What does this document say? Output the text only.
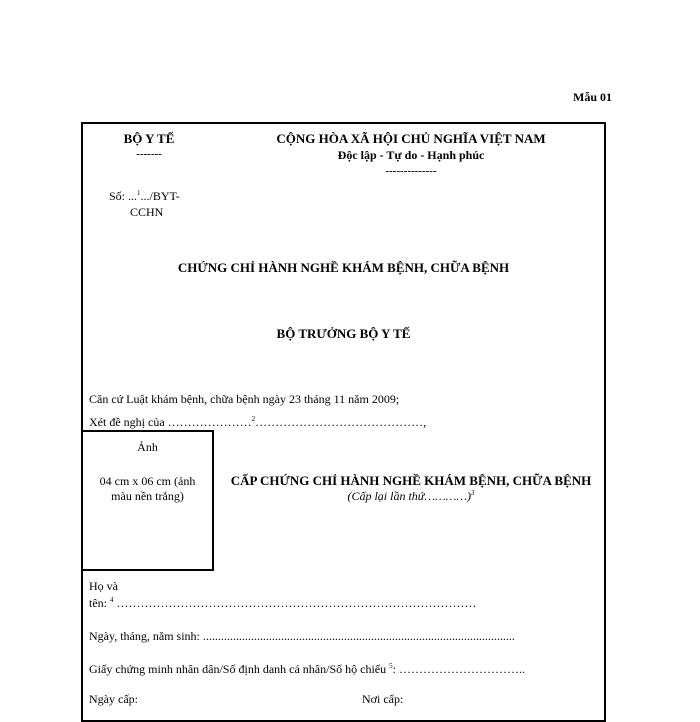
Mẫu 01
BỘ Y TẾ
-------
CỘNG HÒA XÃ HỘI CHỦ NGHĨA VIỆT NAM
Độc lập - Tự do - Hạnh phúc
--------------
Số: ...$^1$.../BYT-
CCHN
CHỨNG CHỈ HÀNH NGHỀ KHÁM BỆNH, CHỮA BỆNH
BỘ TRƯỞNG BỘ Y TẾ
Căn cứ Luật khám bệnh, chữa bệnh ngày 23 tháng 11 năm 2009;
Xét đề nghị của …………………$^2$……………………………………,
Ảnh
04 cm x 06 cm (ảnh màu nền trắng)
CẤP CHỨNG CHỈ HÀNH NGHỀ KHÁM BỆNH, CHỮA BỆNH
(Cấp lại lần thứ…………)$^3$
Họ và
tên: $^4$ ………………………………………………………………………………
Ngày, tháng, năm sinh: ........................................................................................................
Giấy chứng minh nhân dân/Số định danh cá nhân/Số hộ chiếu $^5$: …………………………..
Ngày cấp:	Nơi cấp:
